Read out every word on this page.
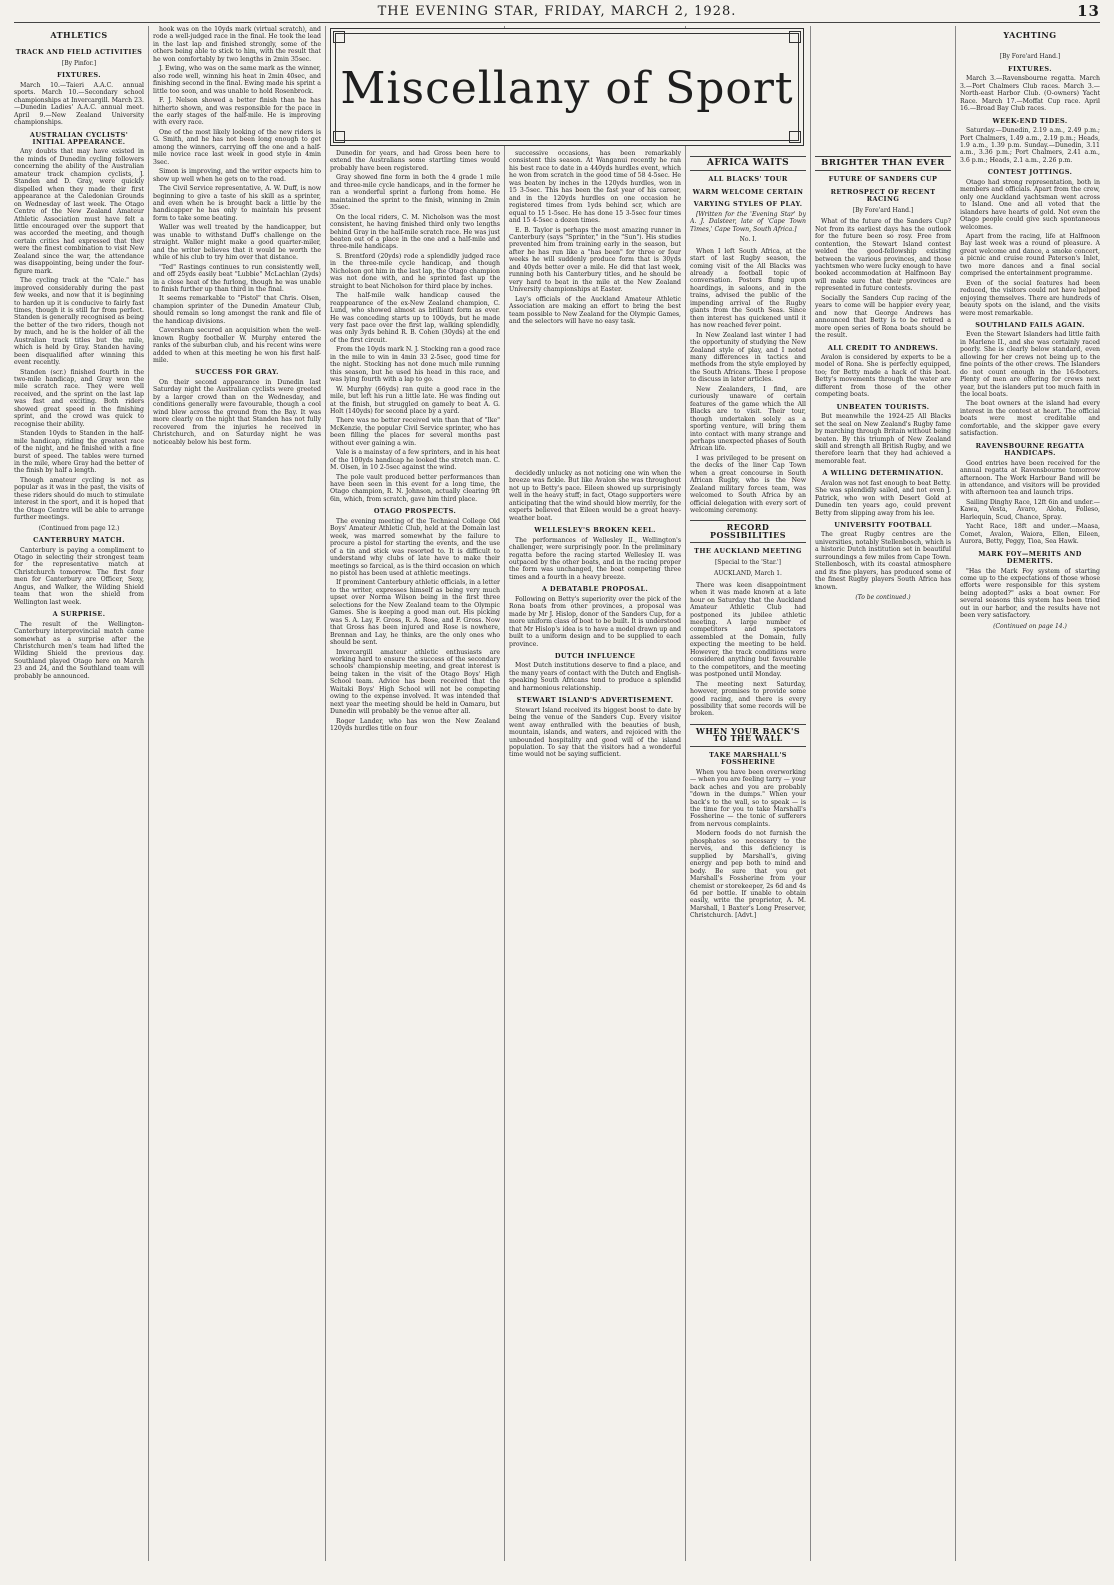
THE EVENING STAR, FRIDAY, MARCH 2, 1928.	13
ATHLETICS
TRACK AND FIELD ACTIVITIES
[By Pinfor.]
FIXTURES.

March 10.—Taieri A.A.C. annual sports. March 10.—Secondary school championships at Invercargill. March 23.—Dunedin Ladies' A.A.C. annual meet. April 9.—New Zealand University championships.

AUSTRALIAN CYCLISTS' INITIAL APPEARANCE.

Any doubts that may have existed in the minds of Dunedin cycling followers concerning the ability of the Australian amateur track champion cyclists, J. Standen and D. Gray, were quickly dispelled when they made their first appearance at the Caledonian Grounds on Wednesday of last week. The Otago Centre of the New Zealand Amateur Athletic Association must have felt a little encouraged over the support that was accorded the meeting, and though certain critics had expressed that they were the finest combination to visit New Zealand since the war, the attendance was disappointing, being under the four-figure mark.

The cycling track at the "Cale." has improved considerably during the past few weeks, and now that it is beginning to harden up it is conducive to fairly fast times, though it is still far from perfect. Standen is generally recognised as being the better of the two riders, though not by much, and he is the holder of all the Australian track titles but the mile, which is held by Gray. Standen having been disqualified after winning this event recently.

Standen (scr.) finished fourth in the two-mile handicap, and Gray won the mile scratch race. They were well received, and the sprint on the last lap was fast and exciting. Both riders showed great speed in the finishing sprint, and the crowd was quick to recognise their ability.

Standen 10yds to Standen in the half-mile handicap, riding the greatest race of the night, and he finished with a fine burst of speed. The tables were turned in the mile, where Gray had the better of the finish by half a length.

Though amateur cycling is not as popular as it was in the past, the visits of these riders should do much to stimulate interest in the sport, and it is hoped that the Otago Centre will be able to arrange further meetings.

(Continued from page 12.)
CANTERBURY MATCH.

Canterbury is paying a compliment to Otago in selecting their strongest team for the representative match at Christchurch tomorrow. The first four men for Canterbury are Officer, Sexy, Angus, and Walker, the Wilding Shield team that won the shield from Wellington last week.

A SURPRISE.

The result of the Wellington-Canterbury interprovincial match came somewhat as a surprise after the Christchurch men's team had lifted the Wilding Shield the previous day. Southland played Otago here on March 23 and 24, and the Southland team will probably be announced.

hook was on the 10yds mark (virtual scratch), and rode a well-judged race in the final. He took the lead in the last lap and finished strongly, some of the others being able to stick to him, with the result that he won comfortably by two lengths in 2min 35sec.

J. Ewing, who was on the same mark as the winner, also rode well, winning his heat in 2min 40sec, and finishing second in the final. Ewing made his sprint a little too soon, and was unable to hold Rosenbrock.

F. J. Nelson showed a better finish than he has hitherto shown, and was responsible for the pace in the early stages of the half-mile. He is improving with every race.

One of the most likely looking of the new riders is G. Smith, and he has not been long enough to get among the winners, carrying off the one and a half-mile novice race last week in good style in 4min 3sec.

Simon is improving, and the writer expects him to show up well when he gets on to the road.

The Civil Service representative, A. W. Duff, is now beginning to give a taste of his skill as a sprinter, and even when he is brought back a little by the handicapper he has only to maintain his present form to take some beating.

Waller was well treated by the handicapper, but was unable to withstand Duff's challenge on the straight. Waller might make a good quarter-miler, and the writer believes that it would be worth the while of his club to try him over that distance.

"Ted" Rastings continues to run consistently well, and off 25yds easily beat "Lubbie" McLachlan (2yds) in a close heat of the furlong, though he was unable to finish further up than third in the final.

It seems remarkable to "Pistol" that Chris. Olsen, champion sprinter of the Dunedin Amateur Club, should remain so long amongst the rank and file of the handicap divisions.

Caversham secured an acquisition when the well-known Rugby footballer W. Murphy entered the ranks of the suburban club, and his recent wins were added to when at this meeting he won his first half-mile.

SUCCESS FOR GRAY.

On their second appearance in Dunedin last Saturday night the Australian cyclists were greeted by a larger crowd than on the Wednesday, and conditions generally were favourable, though a cool wind blew across the ground from the Bay. It was more clearly on the night that Standen has not fully recovered from the injuries he received in Christchurch, and on Saturday night he was noticeably below his best form.

Miscellany of Sport

Dunedin for years, and had Gross been here to extend the Australians some startling times would probably have been registered.

Gray showed fine form in both the 4 grade 1 mile and three-mile cycle handicaps, and in the former he ran a wonderful sprint a furlong from home. He maintained the sprint to the finish, winning in 2min 35sec.

On the local riders, C. M. Nicholson was the most consistent, he having finished third only two lengths behind Gray in the half-mile scratch race. He was just beaten out of a place in the one and a half-mile and three-mile handicaps.

S. Brentford (20yds) rode a splendidly judged race in the three-mile cycle handicap, and though Nicholson got him in the last lap, the Otago champion was not done with, and he sprinted fast up the straight to beat Nicholson for third place by inches.

The half-mile walk handicap caused the reappearance of the ex-New Zealand champion, C. Lund, who showed almost as brilliant form as ever. He was conceding starts up to 100yds, but he made very fast pace over the first lap, walking splendidly, was only 3yds behind R. B. Cohen (30yds) at the end of the first circuit.

From the 10yds mark N. J. Stocking ran a good race in the mile to win in 4min 33 2-5sec, good time for the night. Stocking has not done much mile running this season, but he used his head in this race, and was lying fourth with a lap to go.

W. Murphy (66yds) ran quite a good race in the mile, but left his run a little late. He was finding out at the finish, but struggled on gamely to beat A. G. Holt (140yds) for second place by a yard.

There was no better received win than that of "Ike" McKenzie, the popular Civil Service sprinter, who has been filling the places for several months past without ever gaining a win.

Vale is a mainstay of a few sprinters, and in his heat of the 100yds handicap he looked the stretch man. C. M. Olsen, in 10 2-5sec against the wind.

The pole vault produced better performances than have been seen in this event for a long time, the Otago champion, R. N. Johnson, actually clearing 9ft 6in, which, from scratch, gave him third place.

OTAGO PROSPECTS.

The evening meeting of the Technical College Old Boys' Amateur Athletic Club, held at the Domain last week, was marred somewhat by the failure to procure a pistol for starting the events, and the use of a tin and stick was resorted to. It is difficult to understand why clubs of late have to make their meetings so farcical, as is the third occasion on which no pistol has been used at athletic meetings.

If prominent Canterbury athletic officials, in a letter to the writer, expresses himself as being very much upset over Norma Wilson being in the first three selections for the New Zealand team to the Olympic Games. She is keeping a good man out. His picking was S. A. Lay, F. Gross, R. A. Rose, and F. Gross. Now that Gross has been injured and Rose is nowhere, Brennan and Lay, he thinks, are the only ones who should be sent.

Invercargill amateur athletic enthusiasts are working hard to ensure the success of the secondary schools' championship meeting, and great interest is being taken in the visit of the Otago Boys' High School team. Advice has been received that the Waitaki Boys' High School will not be competing owing to the expense involved. It was intended that next year the meeting should be held in Oamaru, but Dunedin will probably be the venue after all.

Roger Lander, who has won the New Zealand 120yds hurdles title on four

successive occasions, has been remarkably consistent this season. At Wanganui recently he ran his best race to date in a 440yds hurdles event, which he won from scratch in the good time of 58 4-5sec. He was beaten by inches in the 120yds hurdles, won in 15 3-5sec. This has been the fast year of his career, and in the 120yds hurdles on one occasion he registered times from 1yds behind scr, which are equal to 15 1-5sec. He has done 15 3-5sec four times and 15 4-5sec a dozen times.

E. B. Taylor is perhaps the most amazing runner in Canterbury (says "Sprinter," in the "Sun"). His studies prevented him from training early in the season, but after he has run like a "has been" for three or four weeks he will suddenly produce form that is 30yds and 40yds better over a mile. He did that last week, running both his Canterbury titles, and he should be very hard to beat in the mile at the New Zealand University championships at Easter.

Lay's officials of the Auckland Amateur Athletic Association are making an effort to bring the best team possible to New Zealand for the Olympic Games, and the selectors will have no easy task.

AFRICA WAITS
ALL BLACKS' TOUR
WARM WELCOME CERTAIN
VARYING STYLES OF PLAY.

[Written for the 'Evening Star' by A. J. Dalsteer, late of 'Cape Town Times,' Cape Town, South Africa.]

No. I.

When I left South Africa, at the start of last Rugby season, the coming visit of the All Blacks was already a football topic of conversation. Posters flung upon hoardings, in saloons, and in the trains, advised the public of the impending arrival of the Rugby giants from the South Seas. Since then interest has quickened until it has now reached fever point.

In New Zealand last winter I had the opportunity of studying the New Zealand style of play, and I noted many differences in tactics and methods from the style employed by the South Africans. These I propose to discuss in later articles.

New Zealanders, I find, are curiously unaware of certain features of the game which the All Blacks are to visit. Their tour, though undertaken solely as a sporting venture, will bring them into contact with many strange and perhaps unexpected phases of South African life.

I was privileged to be present on the decks of the liner Cap Town when a great concourse in South African Rugby, who is the New Zealand military forces team, was welcomed to South Africa by an official delegation with every sort of welcoming ceremony.

RECORD POSSIBILITIES
THE AUCKLAND MEETING
[Special to the 'Star.']
AUCKLAND, March 1.

There was keen disappointment when it was made known at a late hour on Saturday that the Auckland Amateur Athletic Club had postponed its jubilee athletic meeting. A large number of competitors and spectators assembled at the Domain, fully expecting the meeting to be held. However, the track conditions were considered anything but favourable to the competitors, and the meeting was postponed until Monday.

The meeting next Saturday, however, promises to provide some good racing, and there is every possibility that some records will be broken.

WHEN YOUR BACK'S TO THE WALL
TAKE MARSHALL'S FOSSHERINE

When you have been overworking — when you are feeling tarry — your back aches and you are probably "down in the dumps." When your back's to the wall, so to speak — is the time for you to take Marshall's Fossherine — the tonic of sufferers from nervous complaints.

Modern foods do not furnish the phosphates so necessary to the nerves, and this deficiency is supplied by Marshall's, giving energy and pep both to mind and body. Be sure that you get Marshall's Fossherine from your chemist or storekeeper, 2s 6d and 4s 6d per bottle. If unable to obtain easily, write the proprietor, A. M. Marshall, 1 Baxter's Long Preserver, Christchurch. [Advt.]

BRIGHTER THAN EVER
FUTURE OF SANDERS CUP
RETROSPECT OF RECENT RACING
[By Fore'ard Hand.]

What of the future of the Sanders Cup? Not from its earliest days has the outlook for the future been so rosy. Free from contention, the Stewart Island contest welded the good-fellowship existing between the various provinces, and those yachtsmen who were lucky enough to have booked accommodation at Halfmoon Bay will make sure that their provinces are represented in future contests.

Socially the Sanders Cup racing of the years to come will be happier every year, and now that George Andrews has announced that Betty is to be retired a more open series of Rona boats should be the result.

ALL CREDIT TO ANDREWS.

Avalon is considered by experts to be a model of Rona. She is perfectly equipped, too; for Betty made a hack of this boat. Betty's movements through the water are different from those of the other competing boats.

UNBEATEN TOURISTS.

But meanwhile the 1924-25 All Blacks set the seal on New Zealand's Rugby fame by marching through Britain without being beaten. By this triumph of New Zealand skill and strength all British Rugby, and we therefore learn that they had achieved a memorable feat.

A WILLING DETERMINATION.

Avalon was not fast enough to beat Betty. She was splendidly sailed, and not even J. Patrick, who won with Desert Gold at Dunedin ten years ago, could prevent Betty from slipping away from his lee.

UNIVERSITY FOOTBALL

The great Rugby centres are the universities, notably Stellenbosch, which is a historic Dutch institution set in beautiful surroundings a few miles from Cape Town. Stellenbosch, with its coastal atmosphere and its fine players, has produced some of the finest Rugby players South Africa has known.

(To be continued.)
YACHTING
[By Fore'ard Hand.]
FIXTURES.

March 3.—Ravensbourne regatta. March 3.—Port Chalmers Club races. March 3.—North-east Harbor Club. (O-owners) Yacht Race. March 17.—Moffat Cup race. April 16.—Broad Bay Club races.

WEEK-END TIDES.

Saturday.—Dunedin, 2.19 a.m., 2.49 p.m.; Port Chalmers, 1.49 a.m., 2.19 p.m.; Heads, 1.9 a.m., 1.39 p.m. Sunday.—Dunedin, 3.11 a.m., 3.36 p.m.; Port Chalmers, 2.41 a.m., 3.6 p.m.; Heads, 2.1 a.m., 2.26 p.m.

CONTEST JOTTINGS.

Otago had strong representation, both in members and officials. Apart from the crew, only one Auckland yachtsman went across to Island. One and all voted that the islanders have hearts of gold. Not even the Otago people could give such spontaneous welcomes.

Apart from the racing, life at Halfmoon Bay last week was a round of pleasure. A great welcome and dance, a smoke concert, a picnic and cruise round Paterson's Inlet, two more dances and a final social comprised the entertainment programme.

Even of the social features had been reduced, the visitors could not have helped enjoying themselves. There are hundreds of beauty spots on the island, and the visits were most remarkable.

SOUTHLAND FAILS AGAIN.

Even the Stewart Islanders had little faith in Marlene II., and she was certainly raced poorly. She is clearly below standard, even allowing for her crews not being up to the fine points of the other crews. The Islanders do not count enough in the 16-footers. Plenty of men are offering for crews next year, but the islanders put too much faith in the local boats.

The boat owners at the island had every interest in the contest at heart. The official boats were most creditable and comfortable, and the skipper gave every satisfaction.

RAVENSBOURNE REGATTA HANDICAPS.

Good entries have been received for the annual regatta at Ravensbourne tomorrow afternoon. The Work Harbour Band will be in attendance, and visitors will be provided with afternoon tea and launch trips.

Sailing Dinghy Race, 12ft 6in and under.—Kawa, Vesta, Avaro, Aloha, Folleso, Harlequin, Scud, Chance, Spray.

Yacht Race, 18ft and under.—Maasa, Comet, Avalon, Waiora, Ellen, Eileen, Aurora, Betty, Peggy, Tioa, Sea Hawk.

MARK FOY—MERITS AND DEMERITS.

"Has the Mark Foy system of starting come up to the expectations of those whose efforts were responsible for this system being adopted?" asks a boat owner. For several seasons this system has been tried out in our harbor, and the results have not been very satisfactory.

(Continued on page 14.)

decidedly unlucky as not noticing one win when the breeze was fickle. But like Avalon she was throughout not up to Betty's pace. Eileen showed up surprisingly well in the heavy stuff; in fact, Otago supporters were anticipating that the wind should blow merrily, for the experts believed that Eileen would be a great heavy-weather boat.

WELLESLEY'S BROKEN KEEL.

The performances of Wellesley II., Wellington's challenger, were surprisingly poor. In the preliminary regatta before the racing started Wellesley II. was outpaced by the other boats, and in the racing proper the form was unchanged, the boat competing three times and a fourth in a heavy breeze.

A DEBATABLE PROPOSAL.

Following on Betty's superiority over the pick of the Rona boats from other provinces, a proposal was made by Mr J. Hislop, donor of the Sanders Cup, for a more uniform class of boat to be built. It is understood that Mr Hislop's idea is to have a model drawn up and built to a uniform design and to be supplied to each province.

DUTCH INFLUENCE

Most Dutch institutions deserve to find a place, and the many years of contact with the Dutch and English-speaking South Africans tend to produce a splendid and harmonious relationship.

STEWART ISLAND'S ADVERTISEMENT.

Stewart Island received its biggest boost to date by being the venue of the Sanders Cup. Every visitor went away enthralled with the beauties of bush, mountain, islands, and waters, and rejoiced with the unbounded hospitality and good will of the island population. To say that the visitors had a wonderful time would not be saying sufficient.
